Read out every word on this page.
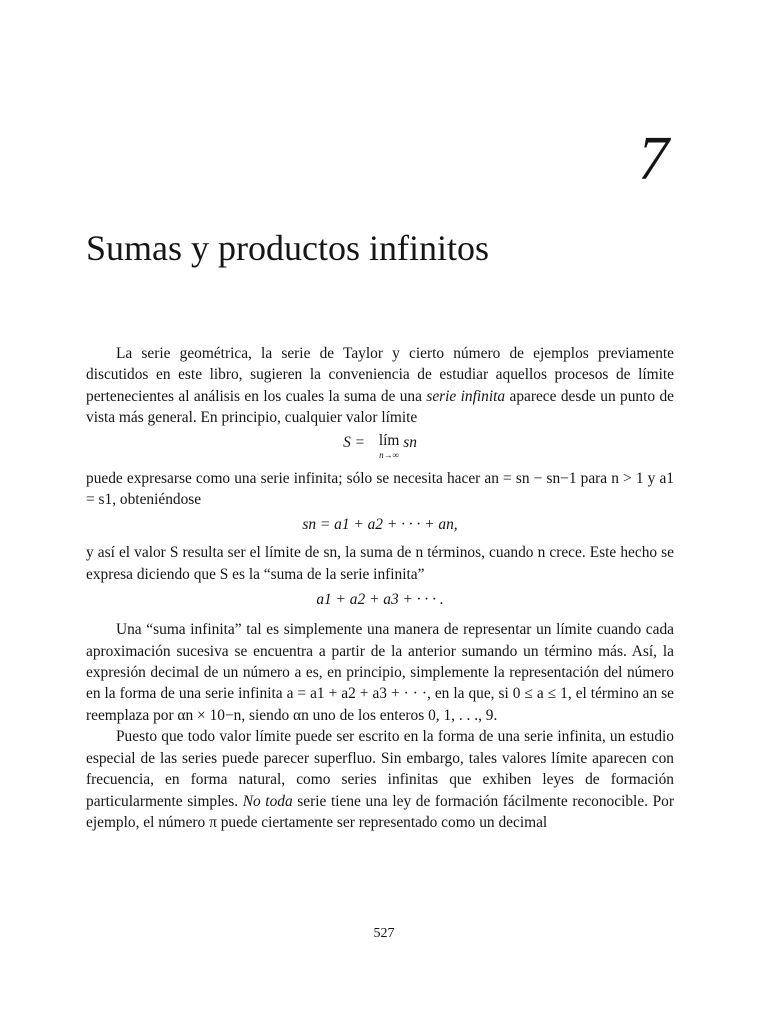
7
Sumas y productos infinitos

La serie geométrica, la serie de Taylor y cierto número de ejemplos previamente discutidos en este libro, sugieren la conveniencia de estudiar aquellos procesos de límite pertenecientes al análisis en los cuales la suma de una serie infinita aparece desde un punto de vista más general. En principio, cualquier valor límite

S = lím
n→∞
sn

puede expresarse como una serie infinita; sólo se necesita hacer an = sn − sn−1 para n > 1 y a1 = s1, obteniéndose

sn = a1 + a2 + · · · + an,

y así el valor S resulta ser el límite de sn, la suma de n términos, cuando n crece. Este hecho se expresa diciendo que S es la “suma de la serie infinita”

a1 + a2 + a3 + · · · .

Una “suma infinita” tal es simplemente una manera de representar un límite cuando cada aproximación sucesiva se encuentra a partir de la anterior sumando un término más. Así, la expresión decimal de un número a es, en principio, simplemente la representación del número en la forma de una serie infinita a = a1 + a2 + a3 + · · ·, en la que, si 0 ≤ a ≤ 1, el término an se reemplaza por αn × 10−n, siendo αn uno de los enteros 0, 1, . . ., 9.

Puesto que todo valor límite puede ser escrito en la forma de una serie infinita, un estudio especial de las series puede parecer superfluo. Sin embargo, tales valores límite aparecen con frecuencia, en forma natural, como series infinitas que exhiben leyes de formación particularmente simples. No toda serie tiene una ley de formación fácilmente reconocible. Por ejemplo, el número π puede ciertamente ser representado como un decimal

527
